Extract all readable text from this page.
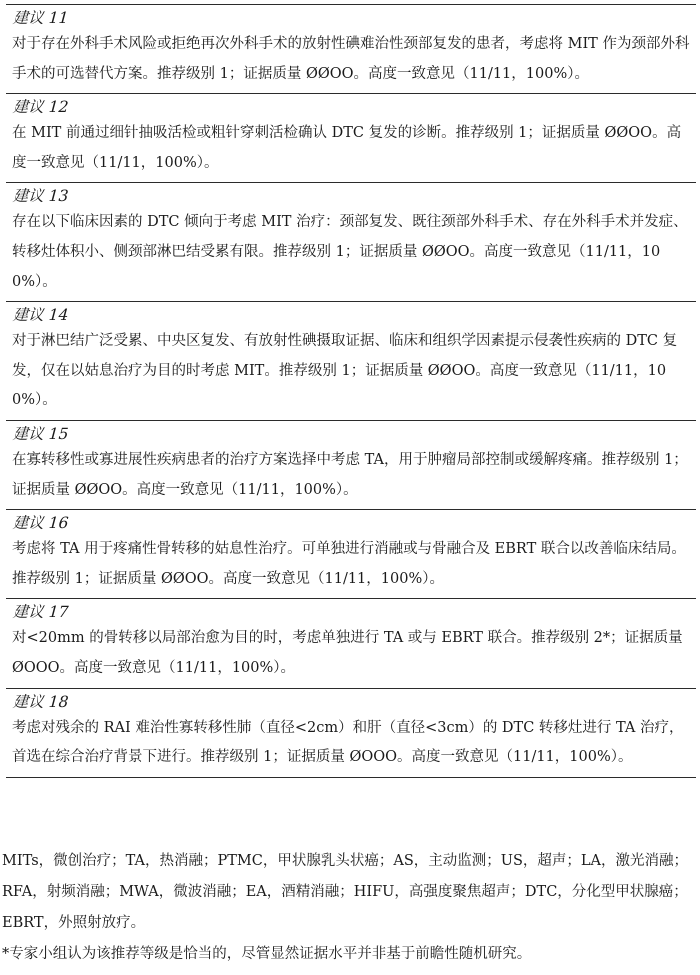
建议 11
对于存在外科手术风险或拒绝再次外科手术的放射性碘难治性颈部复发的患者，考虑将 MIT 作为颈部外科手术的可选替代方案。推荐级别 1；证据质量 ØØOO。高度一致意见（11/11，100%）。
建议 12
在 MIT 前通过细针抽吸活检或粗针穿刺活检确认 DTC 复发的诊断。推荐级别 1；证据质量 ØØOO。高度一致意见（11/11，100%）。
建议 13
存在以下临床因素的 DTC 倾向于考虑 MIT 治疗：颈部复发、既往颈部外科手术、存在外科手术并发症、转移灶体积小、侧颈部淋巴结受累有限。推荐级别 1；证据质量 ØØOO。高度一致意见（11/11，100%）。
建议 14
对于淋巴结广泛受累、中央区复发、有放射性碘摄取证据、临床和组织学因素提示侵袭性疾病的 DTC 复发，仅在以姑息治疗为目的时考虑 MIT。推荐级别 1；证据质量 ØØOO。高度一致意见（11/11，100%）。
建议 15
在寡转移性或寡进展性疾病患者的治疗方案选择中考虑 TA，用于肿瘤局部控制或缓解疼痛。推荐级别 1；证据质量 ØØOO。高度一致意见（11/11，100%）。
建议 16
考虑将 TA 用于疼痛性骨转移的姑息性治疗。可单独进行消融或与骨融合及 EBRT 联合以改善临床结局。推荐级别 1；证据质量 ØØOO。高度一致意见（11/11，100%）。
建议 17
对<20mm 的骨转移以局部治愈为目的时，考虑单独进行 TA 或与 EBRT 联合。推荐级别 2*；证据质量 ØOOO。高度一致意见（11/11，100%）。
建议 18
考虑对残余的 RAI 难治性寡转移性肺（直径<2cm）和肝（直径<3cm）的 DTC 转移灶进行 TA 治疗，首选在综合治疗背景下进行。推荐级别 1；证据质量 ØOOO。高度一致意见（11/11，100%）。
MITs，微创治疗；TA，热消融；PTMC，甲状腺乳头状癌；AS，主动监测；US，超声；LA，激光消融；RFA，射频消融；MWA，微波消融；EA，酒精消融；HIFU，高强度聚焦超声；DTC，分化型甲状腺癌；EBRT，外照射放疗。
*专家小组认为该推荐等级是恰当的，尽管显然证据水平并非基于前瞻性随机研究。
